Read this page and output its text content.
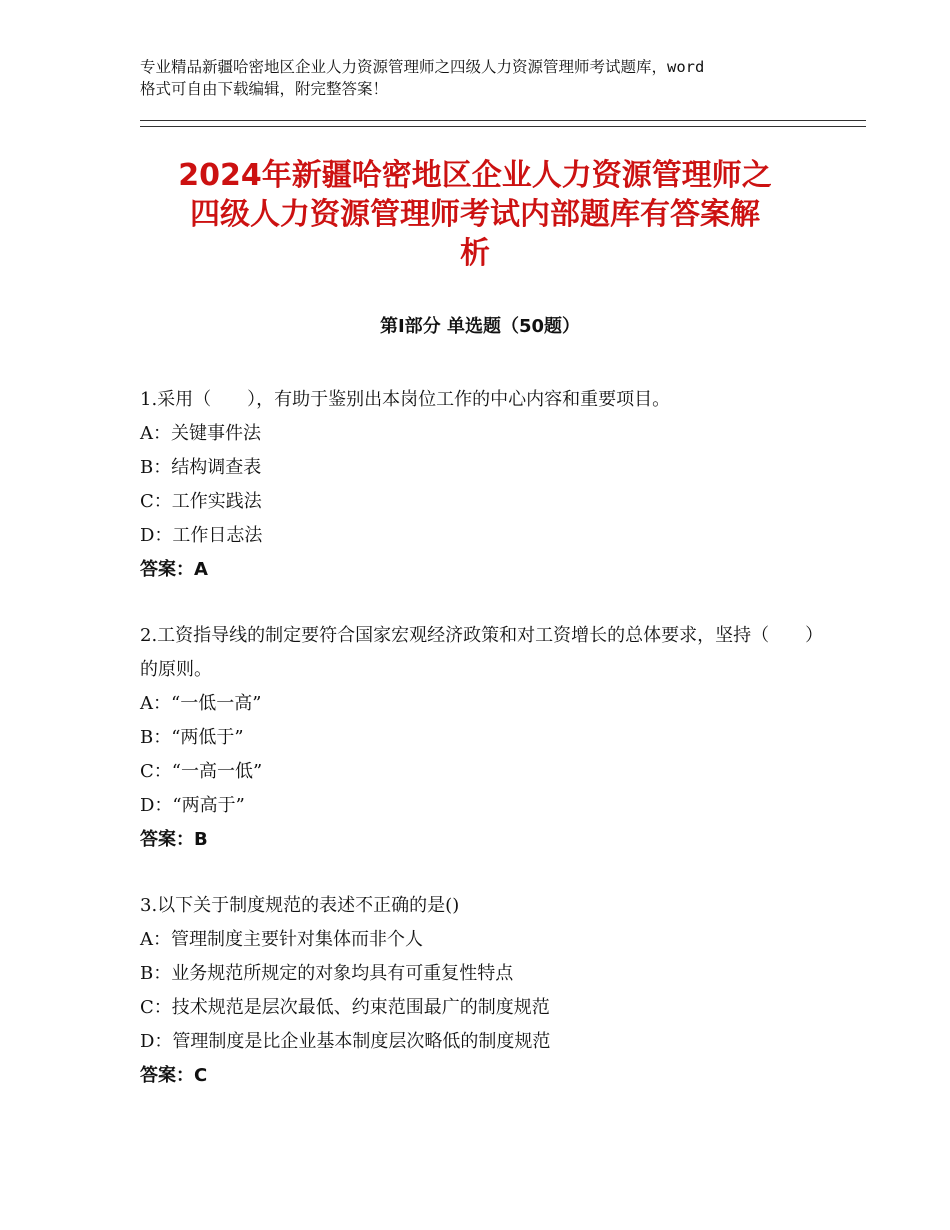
专业精品新疆哈密地区企业人力资源管理师之四级人力资源管理师考试题库，word
格式可自由下载编辑，附完整答案！
2024年新疆哈密地区企业人力资源管理师之
四级人力资源管理师考试内部题库有答案解
析
第Ⅰ部分 单选题（50题）
1.采用（　　），有助于鉴别出本岗位工作的中心内容和重要项目。
A：关键事件法
B：结构调查表
C：工作实践法
D：工作日志法
答案：A
2.工资指导线的制定要符合国家宏观经济政策和对工资增长的总体要求，坚持（　　）的原则。
A：“一低一高”
B：“两低于”
C：“一高一低”
D：“两高于”
答案：B
3.以下关于制度规范的表述不正确的是()
A：管理制度主要针对集体而非个人
B：业务规范所规定的对象均具有可重复性特点
C：技术规范是层次最低、约束范围最广的制度规范
D：管理制度是比企业基本制度层次略低的制度规范
答案：C
